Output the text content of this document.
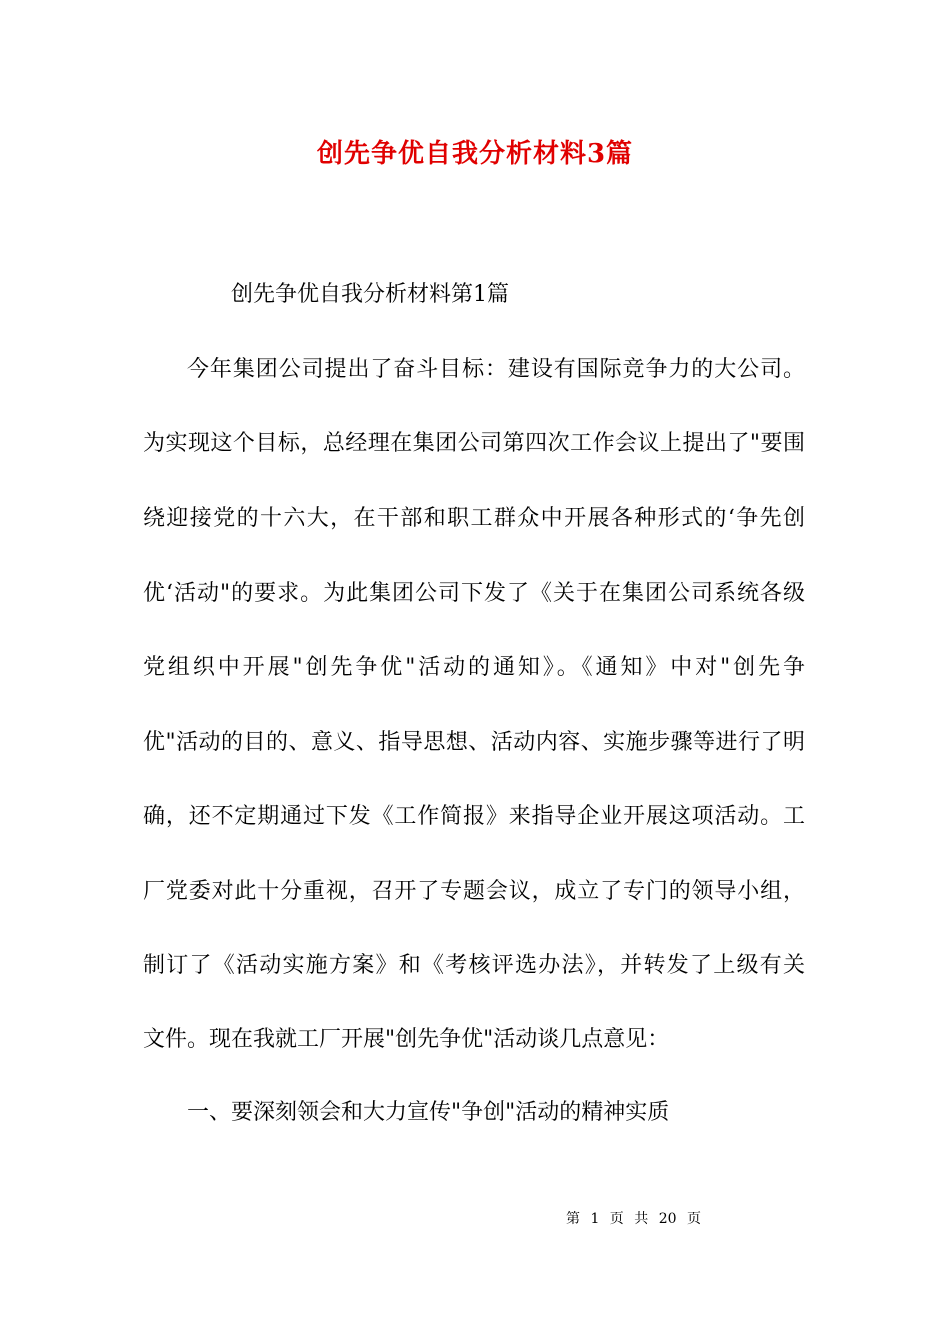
创先争优自我分析材料3篇
创先争优自我分析材料第1篇
今年集团公司提出了奋斗目标：建设有国际竞争力的大公司。
为实现这个目标，总经理在集团公司第四次工作会议上提出了"要围
绕迎接党的十六大，在干部和职工群众中开展各种形式的‘争先创
优‘活动"的要求。为此集团公司下发了《关于在集团公司系统各级
党组织中开展"创先争优"活动的通知》。《通知》中对"创先争
优"活动的目的、意义、指导思想、活动内容、实施步骤等进行了明
确，还不定期通过下发《工作简报》来指导企业开展这项活动。工
厂党委对此十分重视，召开了专题会议，成立了专门的领导小组，
制订了《活动实施方案》和《考核评选办法》，并转发了上级有关
文件。现在我就工厂开展"创先争优"活动谈几点意见：
一、要深刻领会和大力宣传"争创"活动的精神实质
第 1 页 共 20 页
